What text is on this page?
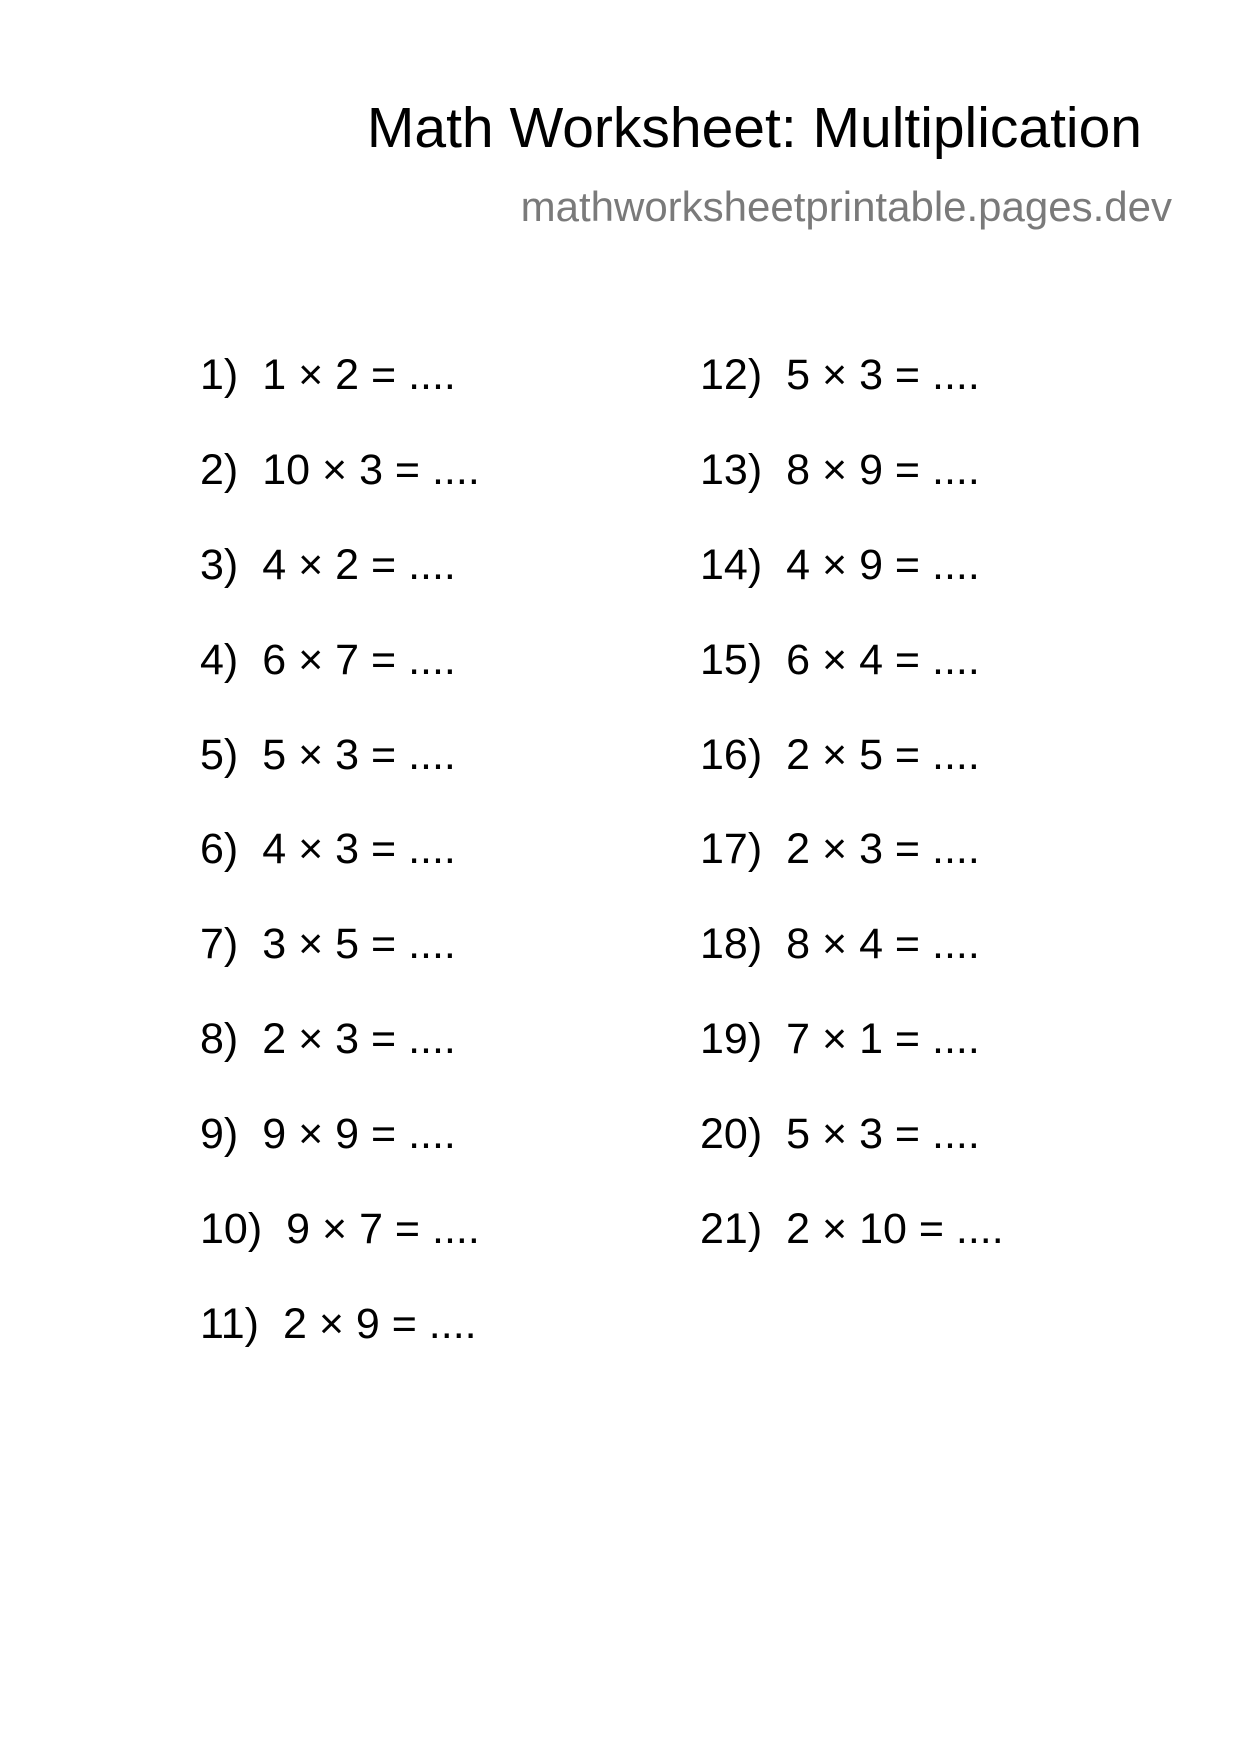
Math Worksheet: Multiplication
mathworksheetprintable.pages.dev
1) 1 × 2 = ....
2) 10 × 3 = ....
3) 4 × 2 = ....
4) 6 × 7 = ....
5) 5 × 3 = ....
6) 4 × 3 = ....
7) 3 × 5 = ....
8) 2 × 3 = ....
9) 9 × 9 = ....
10) 9 × 7 = ....
11) 2 × 9 = ....
12) 5 × 3 = ....
13) 8 × 9 = ....
14) 4 × 9 = ....
15) 6 × 4 = ....
16) 2 × 5 = ....
17) 2 × 3 = ....
18) 8 × 4 = ....
19) 7 × 1 = ....
20) 5 × 3 = ....
21) 2 × 10 = ....
